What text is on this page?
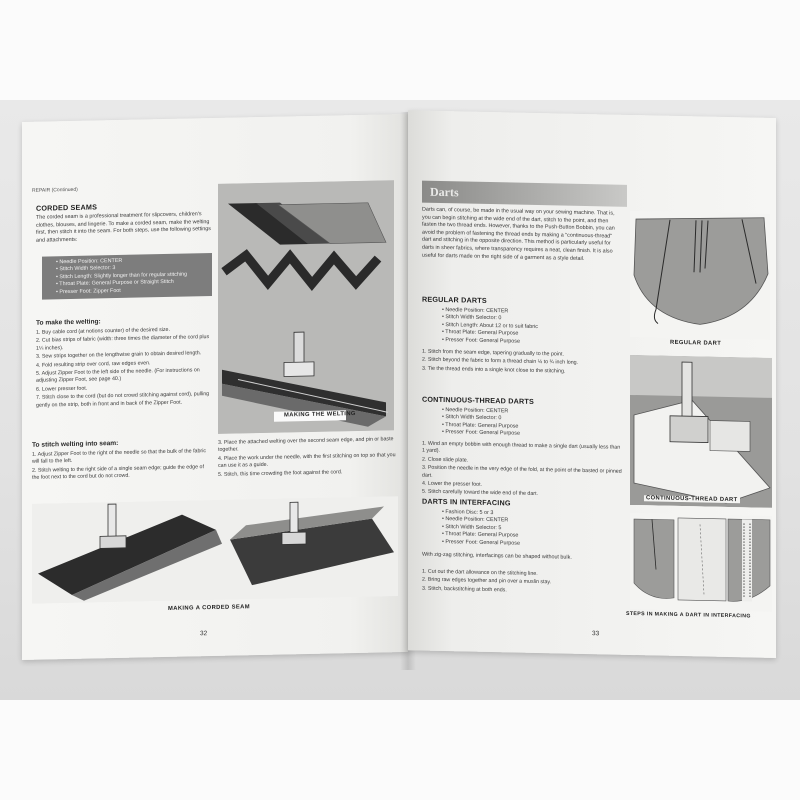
REPAIR (Continued)
CORDED SEAMS
The corded seam is a professional treatment for slipcovers, children's clothes, blouses, and lingerie. To make a corded seam, make the welting first, then stitch it into the seam. For both steps, use the following settings and attachments:
• Needle Position: CENTER
• Stitch Width Selector: 3
• Stitch Length: Slightly longer than for regular stitching
• Throat Plate: General Purpose or Straight Stitch
• Presser Foot: Zipper Foot
To make the welting:
1. Buy cable cord (at notions counter) of the desired size.
2. Cut bias strips of fabric (width: three times the diameter of the cord plus 1¼ inches).
3. Sew strips together on the lengthwise grain to obtain desired length.
4. Fold resulting strip over cord, raw edges even.
5. Adjust Zipper Foot to the left side of the needle. (For instructions on adjusting Zipper Foot, see page 40.)
6. Lower presser foot.
7. Stitch close to the cord (but do not crowd stitching against cord), pulling gently on the strip, both in front and in back of the Zipper Foot.
MAKING THE WELTING
To stitch welting into seam:
1. Adjust Zipper Foot to the right of the needle so that the bulk of the fabric will fall to the left.
2. Stitch welting to the right side of a single seam edge; guide the edge of the foot next to the cord but do not crowd.
3. Place the attached welting over the second seam edge, and pin or baste together.
4. Place the work under the needle, with the first stitching on top so that you can use it as a guide.
5. Stitch, this time crowding the foot against the cord.
MAKING A CORDED SEAM
32
Darts
Darts can, of course, be made in the usual way on your sewing machine. That is, you can begin stitching at the wide end of the dart, stitch to the point, and then fasten the two thread ends. However, thanks to the Push-Button Bobbin, you can avoid the problem of fastening the thread ends by making a "continuous-thread" dart and stitching in the opposite direction. This method is particularly useful for darts in sheer fabrics, where transparency requires a neat, clean finish. It is also useful for darts made on the right side of a garment as a style detail.
REGULAR DARTS
• Needle Position: CENTER
• Stitch Width Selector: 0
• Stitch Length: About 12 or to suit fabric
• Throat Plate: General Purpose
• Presser Foot: General Purpose
1. Stitch from the seam edge, tapering gradually to the point.
2. Stitch beyond the fabric to form a thread chain ½ to ¾ inch long.
3. Tie the thread ends into a single knot close to the stitching.
CONTINUOUS-THREAD DARTS
• Needle Position: CENTER
• Stitch Width Selector: 0
• Throat Plate: General Purpose
• Presser Foot: General Purpose
1. Wind an empty bobbin with enough thread to make a single dart (usually less than 1 yard).
2. Close slide plate.
3. Position the needle in the very edge of the fold, at the point of the basted or pinned dart.
4. Lower the presser foot.
5. Stitch carefully toward the wide end of the dart.
DARTS IN INTERFACING
• Fashion Disc: 5 or 3
• Needle Position: CENTER
• Stitch Width Selector: 5
• Throat Plate: General Purpose
• Presser Foot: General Purpose
With zig-zag stitching, interfacings can be shaped without bulk.
1. Cut out the dart allowance on the stitching line.
2. Bring raw edges together and pin over a muslin stay.
3. Stitch, backstitching at both ends.
REGULAR DART
CONTINUOUS-THREAD DART
STEPS IN MAKING A DART IN INTERFACING
33
